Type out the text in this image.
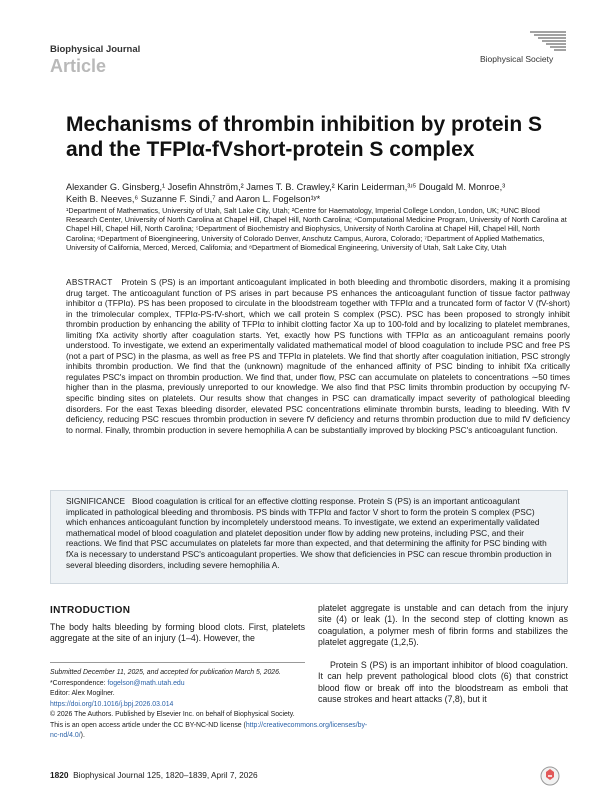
Biophysical Journal
Article	Biophysical Society
Mechanisms of thrombin inhibition by protein S
and the TFPIα-fVshort-protein S complex
Alexander G. Ginsberg,¹ Josefin Ahnström,² James T. B. Crawley,² Karin Leiderman,³ʴ⁵ Dougald M. Monroe,³
Keith B. Neeves,⁶ Suzanne F. Sindi,⁷ and Aaron L. Fogelson¹ʸ*
¹Department of Mathematics, University of Utah, Salt Lake City, Utah; ²Centre for Haematology, Imperial College London, London, UK; ³UNC Blood Research Center, University of North Carolina at Chapel Hill, Chapel Hill, North Carolina; ⁴Computational Medicine Program, University of North Carolina at Chapel Hill, Chapel Hill, North Carolina; ⁵Department of Biochemistry and Biophysics, University of North Carolina at Chapel Hill, Chapel Hill, North Carolina; ⁶Department of Bioengineering, University of Colorado Denver, Anschutz Campus, Aurora, Colorado; ⁷Department of Applied Mathematics, University of California, Merced, Merced, California; and ⁸Department of Biomedical Engineering, University of Utah, Salt Lake City, Utah
ABSTRACT Protein S (PS) is an important anticoagulant implicated in both bleeding and thrombotic disorders, making it a promising drug target. The anticoagulant function of PS arises in part because PS enhances the anticoagulant function of tissue factor pathway inhibitor α (TFPIα). PS has been proposed to circulate in the bloodstream together with TFPIα and a truncated form of factor V (fV-short) in the trimolecular complex, TFPIα-PS-fV-short, which we call protein S complex (PSC). PSC has been proposed to strongly inhibit thrombin production by enhancing the ability of TFPIα to inhibit clotting factor Xa up to 100-fold and by localizing to platelet membranes, limiting fXa activity shortly after coagulation starts. Yet, exactly how PS functions with TFPIα as an anticoagulant remains poorly understood. To investigate, we extend an experimentally validated mathematical model of blood coagulation to include PSC and free PS (not a part of PSC) in the plasma, as well as free PS and TFPIα in platelets. We find that shortly after coagulation initiation, PSC strongly inhibits thrombin production. We find that the (unknown) magnitude of the enhanced affinity of PSC binding to inhibit fXa critically regulates PSC's impact on thrombin production. We find that, under flow, PSC can accumulate on platelets to concentrations ∼50 times higher than in the plasma, previously unreported to our knowledge. We also find that PSC limits thrombin production by occupying fV-specific binding sites on platelets. Our results show that changes in PSC can dramatically impact severity of pathological bleeding disorders. For the east Texas bleeding disorder, elevated PSC concentrations eliminate thrombin bursts, leading to bleeding. With fV deficiency, reducing PSC rescues thrombin production in severe fV deficiency and returns thrombin production due to mild fV deficiency to normal. Finally, thrombin production in severe hemophilia A can be substantially improved by blocking PSC's anticoagulant function.
SIGNIFICANCE Blood coagulation is critical for an effective clotting response. Protein S (PS) is an important anticoagulant implicated in pathological bleeding and thrombosis. PS binds with TFPIα and factor V short to form the protein S complex (PSC) which enhances anticoagulant function by incompletely understood means. To investigate, we extend an experimentally validated mathematical model of blood coagulation and platelet deposition under flow by adding new proteins, including PSC, and their reactions. We find that PSC accumulates on platelets far more than expected, and that determining the affinity for PSC binding with fXa is necessary to understand PSC's anticoagulant properties. We show that deficiencies in PSC can rescue thrombin production in several bleeding disorders, including severe hemophilia A.
INTRODUCTION
The body halts bleeding by forming blood clots. First, platelets aggregate at the site of an injury (1–4). However, the
platelet aggregate is unstable and can detach from the injury site (4) or leak (1). In the second step of clotting known as coagulation, a polymer mesh of fibrin forms and stabilizes the platelet aggregate (1,2,5).
Protein S (PS) is an important inhibitor of blood coagulation. It can help prevent pathological blood clots (6) that constrict blood flow or break off into the bloodstream as emboli that cause strokes and heart attacks (7,8), but it
Submitted December 11, 2025, and accepted for publication March 5, 2026.
*Correspondence: fogelson@math.utah.edu
Editor: Alex Mogilner.
https://doi.org/10.1016/j.bpj.2026.03.014
© 2026 The Authors. Published by Elsevier Inc. on behalf of Biophysical Society.
This is an open access article under the CC BY-NC-ND license (http://creativecommons.org/licenses/by-nc-nd/4.0/).
1820 Biophysical Journal 125, 1820–1839, April 7, 2026
